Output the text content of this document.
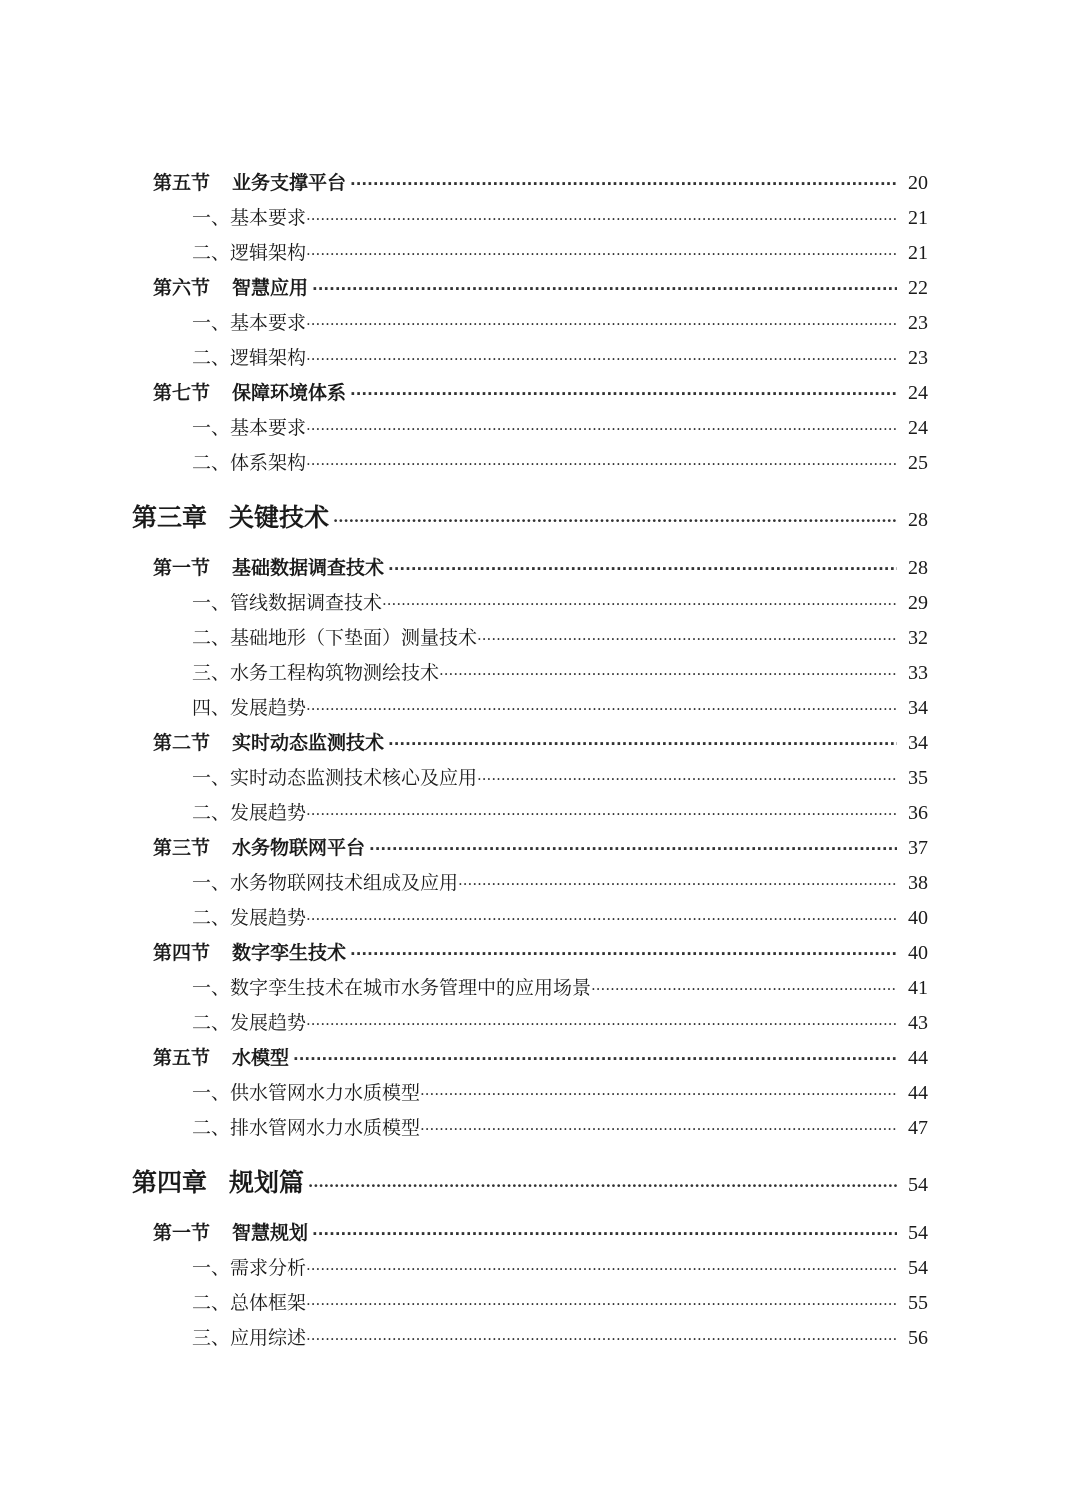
第五节 业务支撑平台 ·····	20
一、基本要求 ·····	21
二、逻辑架构 ·····	21
第六节 智慧应用 ·····	22
一、基本要求 ·····	23
二、逻辑架构 ·····	23
第七节 保障环境体系 ·····	24
一、基本要求 ·····	24
二、体系架构 ·····	25
第三章 关键技术 ·····	28
第一节 基础数据调查技术 ·····	28
一、管线数据调查技术 ·····	29
二、基础地形（下垫面）测量技术 ·····	32
三、水务工程构筑物测绘技术 ·····	33
四、发展趋势 ·····	34
第二节 实时动态监测技术 ·····	34
一、实时动态监测技术核心及应用 ·····	35
二、发展趋势 ·····	36
第三节 水务物联网平台 ·····	37
一、水务物联网技术组成及应用 ·····	38
二、发展趋势 ·····	40
第四节 数字孪生技术 ·····	40
一、数字孪生技术在城市水务管理中的应用场景 ·····	41
二、发展趋势 ·····	43
第五节 水模型 ·····	44
一、供水管网水力水质模型 ·····	44
二、排水管网水力水质模型 ·····	47
第四章 规划篇 ·····	54
第一节 智慧规划 ·····	54
一、需求分析 ·····	54
二、总体框架 ·····	55
三、应用综述 ·····	56
